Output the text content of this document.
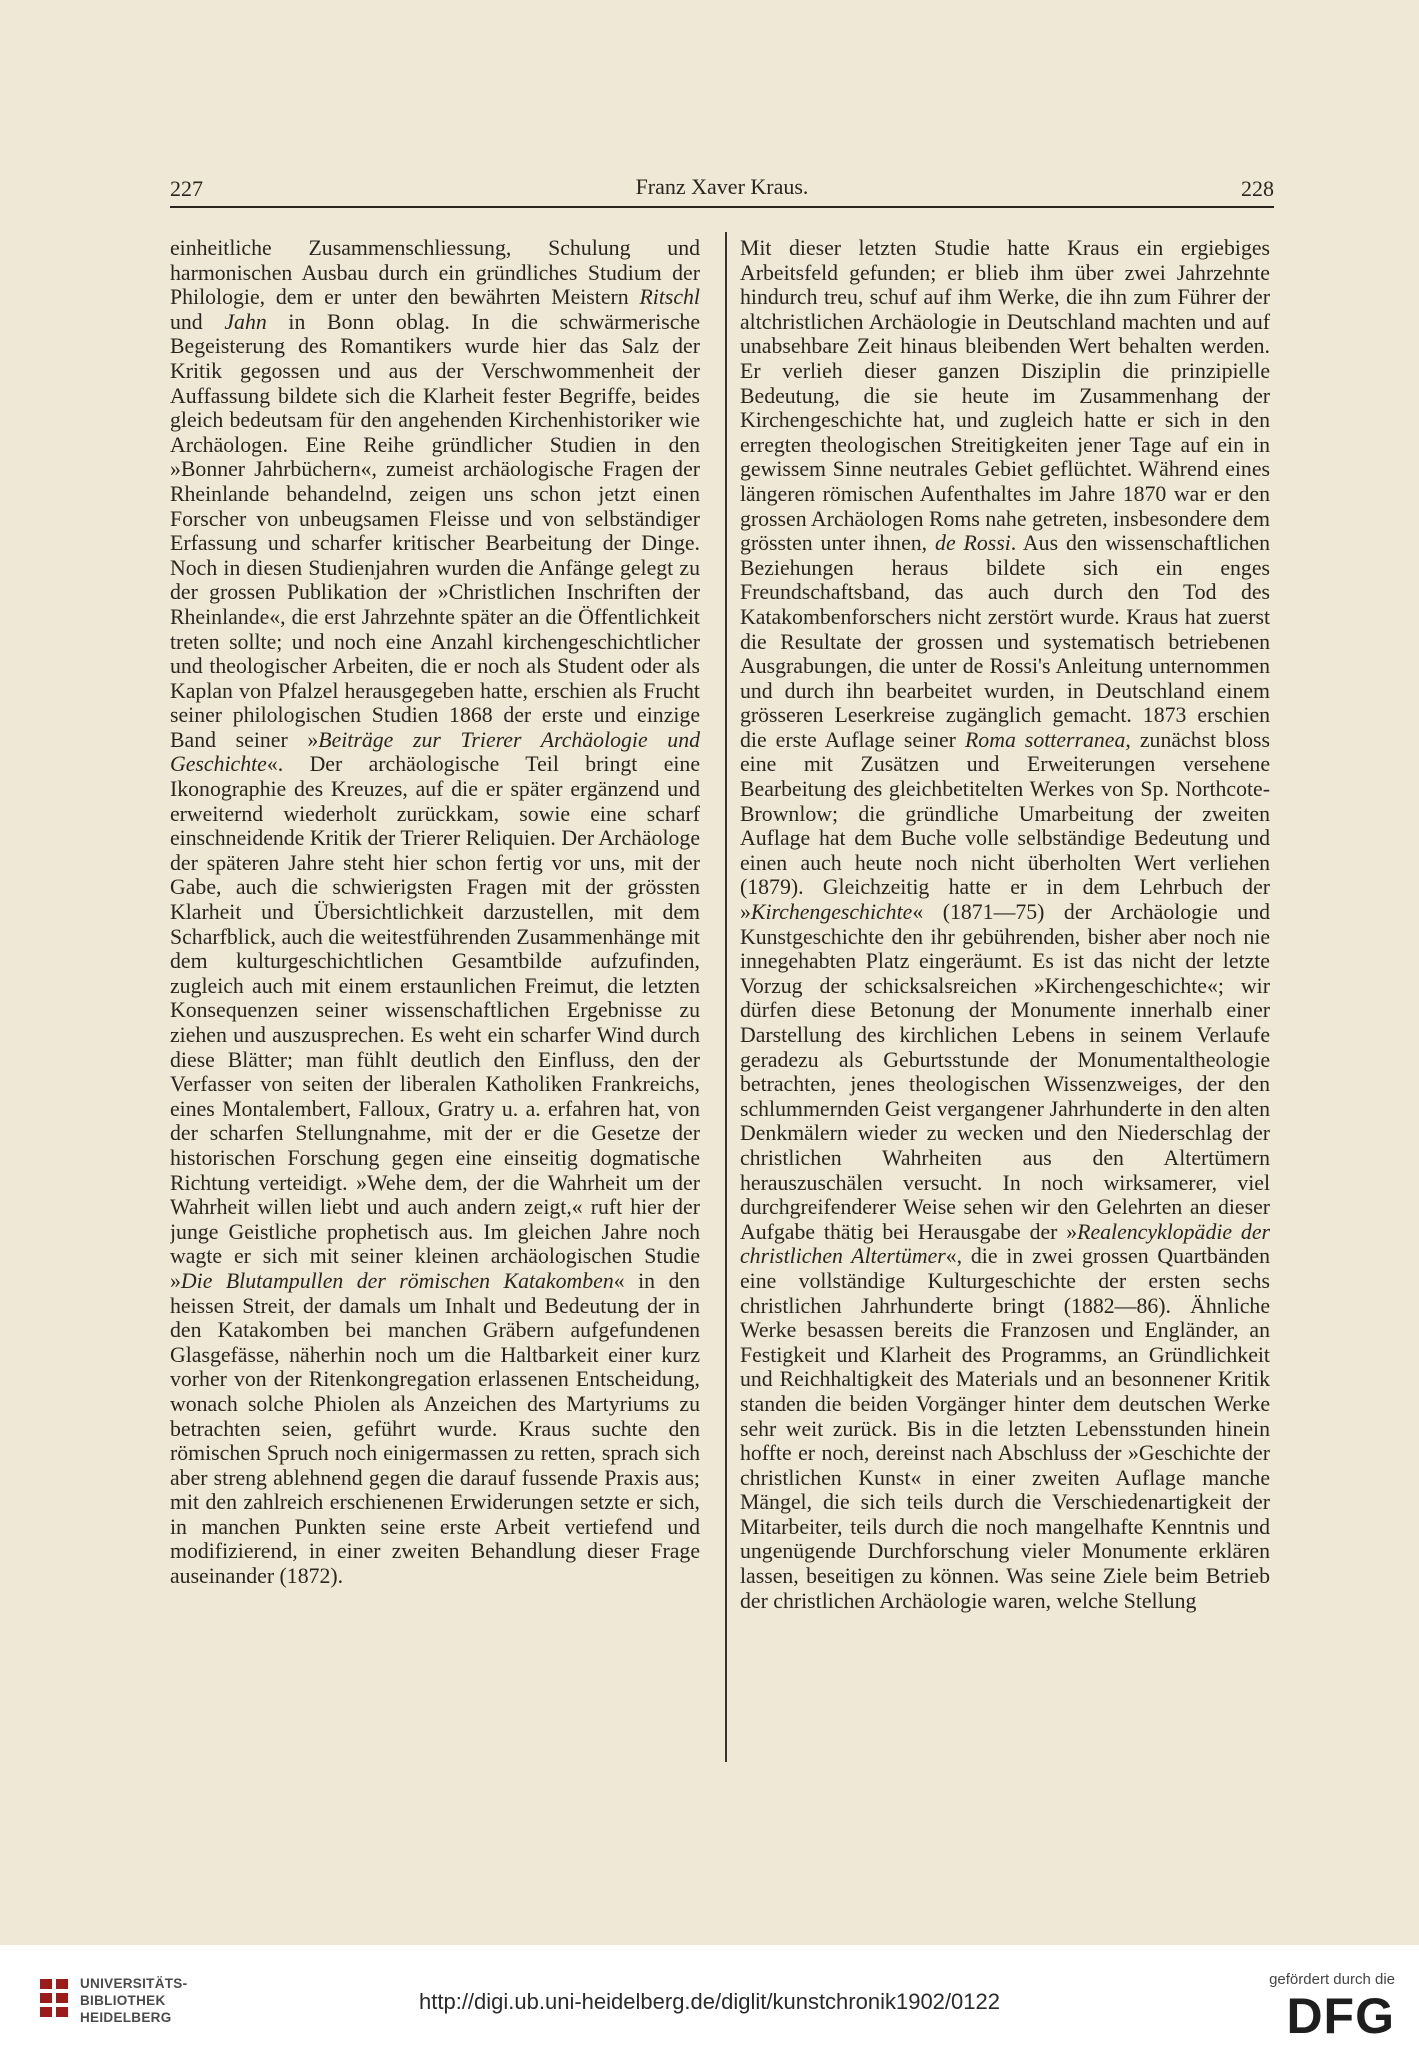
227	Franz Xaver Kraus.	228

einheitliche Zusammenschliessung, Schulung und harmonischen Ausbau durch ein gründliches Studium der Philologie, dem er unter den bewährten Meistern Ritschl und Jahn in Bonn oblag. In die schwärmerische Begeisterung des Romantikers wurde hier das Salz der Kritik gegossen und aus der Verschwommenheit der Auffassung bildete sich die Klarheit fester Begriffe, beides gleich bedeutsam für den angehenden Kirchenhistoriker wie Archäologen. Eine Reihe gründlicher Studien in den »Bonner Jahrbüchern«, zumeist archäologische Fragen der Rheinlande behandelnd, zeigen uns schon jetzt einen Forscher von unbeugsamen Fleisse und von selbständiger Erfassung und scharfer kritischer Bearbeitung der Dinge. Noch in diesen Studienjahren wurden die Anfänge gelegt zu der grossen Publikation der »Christlichen Inschriften der Rheinlande«, die erst Jahrzehnte später an die Öffentlichkeit treten sollte; und noch eine Anzahl kirchengeschichtlicher und theologischer Arbeiten, die er noch als Student oder als Kaplan von Pfalzel herausgegeben hatte, erschien als Frucht seiner philologischen Studien 1868 der erste und einzige Band seiner »Beiträge zur Trierer Archäologie und Geschichte«. Der archäologische Teil bringt eine Ikonographie des Kreuzes, auf die er später ergänzend und erweiternd wiederholt zurückkam, sowie eine scharf einschneidende Kritik der Trierer Reliquien. Der Archäologe der späteren Jahre steht hier schon fertig vor uns, mit der Gabe, auch die schwierigsten Fragen mit der grössten Klarheit und Übersichtlichkeit darzustellen, mit dem Scharfblick, auch die weitestführenden Zusammenhänge mit dem kulturgeschichtlichen Gesamtbilde aufzufinden, zugleich auch mit einem erstaunlichen Freimut, die letzten Konsequenzen seiner wissenschaftlichen Ergebnisse zu ziehen und auszusprechen. Es weht ein scharfer Wind durch diese Blätter; man fühlt deutlich den Einfluss, den der Verfasser von seiten der liberalen Katholiken Frankreichs, eines Montalembert, Falloux, Gratry u. a. erfahren hat, von der scharfen Stellungnahme, mit der er die Gesetze der historischen Forschung gegen eine einseitig dogmatische Richtung verteidigt. »Wehe dem, der die Wahrheit um der Wahrheit willen liebt und auch andern zeigt,« ruft hier der junge Geistliche prophetisch aus. Im gleichen Jahre noch wagte er sich mit seiner kleinen archäologischen Studie »Die Blutampullen der römischen Katakomben« in den heissen Streit, der damals um Inhalt und Bedeutung der in den Katakomben bei manchen Gräbern aufgefundenen Glasgefässe, näherhin noch um die Haltbarkeit einer kurz vorher von der Ritenkongregation erlassenen Entscheidung, wonach solche Phiolen als Anzeichen des Martyriums zu betrachten seien, geführt wurde. Kraus suchte den römischen Spruch noch einigermassen zu retten, sprach sich aber streng ablehnend gegen die darauf fussende Praxis aus; mit den zahlreich erschienenen Erwiderungen setzte er sich, in manchen Punkten seine erste Arbeit vertiefend und modifizierend, in einer zweiten Behandlung dieser Frage auseinander (1872).

Mit dieser letzten Studie hatte Kraus ein ergiebiges Arbeitsfeld gefunden; er blieb ihm über zwei Jahrzehnte hindurch treu, schuf auf ihm Werke, die ihn zum Führer der altchristlichen Archäologie in Deutschland machten und auf unabsehbare Zeit hinaus bleibenden Wert behalten werden. Er verlieh dieser ganzen Disziplin die prinzipielle Bedeutung, die sie heute im Zusammenhang der Kirchengeschichte hat, und zugleich hatte er sich in den erregten theologischen Streitigkeiten jener Tage auf ein in gewissem Sinne neutrales Gebiet geflüchtet. Während eines längeren römischen Aufenthaltes im Jahre 1870 war er den grossen Archäologen Roms nahe getreten, insbesondere dem grössten unter ihnen, de Rossi. Aus den wissenschaftlichen Beziehungen heraus bildete sich ein enges Freundschaftsband, das auch durch den Tod des Katakombenforschers nicht zerstört wurde. Kraus hat zuerst die Resultate der grossen und systematisch betriebenen Ausgrabungen, die unter de Rossi's Anleitung unternommen und durch ihn bearbeitet wurden, in Deutschland einem grösseren Leserkreise zugänglich gemacht. 1873 erschien die erste Auflage seiner Roma sotterranea, zunächst bloss eine mit Zusätzen und Erweiterungen versehene Bearbeitung des gleichbetitelten Werkes von Sp. Northcote-Brownlow; die gründliche Umarbeitung der zweiten Auflage hat dem Buche volle selbständige Bedeutung und einen auch heute noch nicht überholten Wert verliehen (1879). Gleichzeitig hatte er in dem Lehrbuch der »Kirchengeschichte« (1871—75) der Archäologie und Kunstgeschichte den ihr gebührenden, bisher aber noch nie innegehabten Platz eingeräumt. Es ist das nicht der letzte Vorzug der schicksalsreichen »Kirchengeschichte«; wir dürfen diese Betonung der Monumente innerhalb einer Darstellung des kirchlichen Lebens in seinem Verlaufe geradezu als Geburtsstunde der Monumentaltheologie betrachten, jenes theologischen Wissenzweiges, der den schlummernden Geist vergangener Jahrhunderte in den alten Denkmälern wieder zu wecken und den Niederschlag der christlichen Wahrheiten aus den Altertümern herauszuschälen versucht. In noch wirksamerer, viel durchgreifenderer Weise sehen wir den Gelehrten an dieser Aufgabe thätig bei Herausgabe der »Realencyklopädie der christlichen Altertümer«, die in zwei grossen Quartbänden eine vollständige Kulturgeschichte der ersten sechs christlichen Jahrhunderte bringt (1882—86). Ähnliche Werke besassen bereits die Franzosen und Engländer, an Festigkeit und Klarheit des Programms, an Gründlichkeit und Reichhaltigkeit des Materials und an besonnener Kritik standen die beiden Vorgänger hinter dem deutschen Werke sehr weit zurück. Bis in die letzten Lebensstunden hinein hoffte er noch, dereinst nach Abschluss der »Geschichte der christlichen Kunst« in einer zweiten Auflage manche Mängel, die sich teils durch die Verschiedenartigkeit der Mitarbeiter, teils durch die noch mangelhafte Kenntnis und ungenügende Durchforschung vieler Monumente erklären lassen, beseitigen zu können. Was seine Ziele beim Betrieb der christlichen Archäologie waren, welche Stellung

UNIVERSITÄTS-
BIBLIOTHEK
HEIDELBERG
http://digi.ub.uni-heidelberg.de/diglit/kunstchronik1902/0122
gefördert durch die
DFG
